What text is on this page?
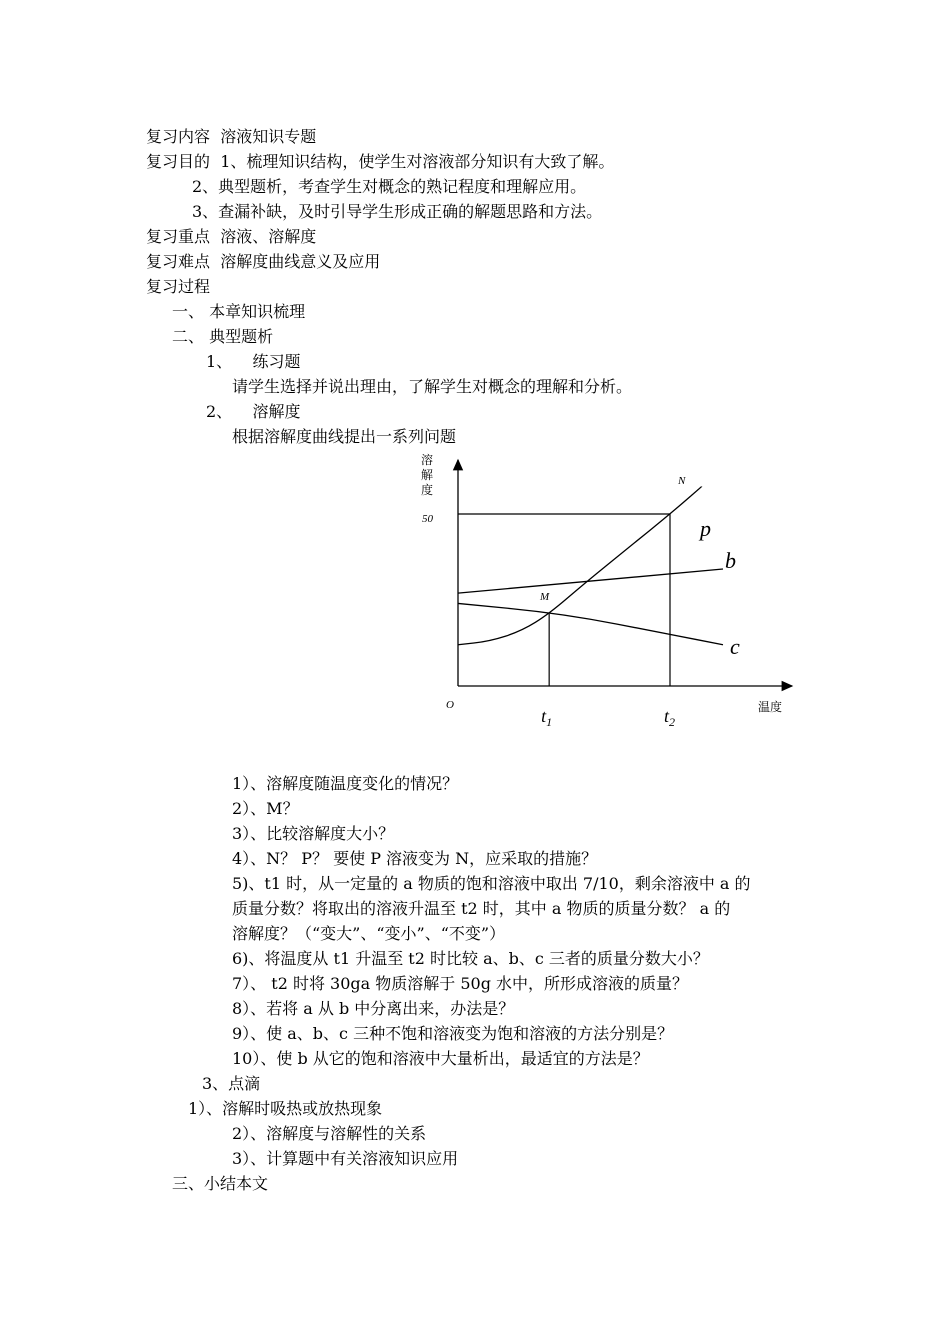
复习内容 溶液知识专题
复习目的 1、梳理知识结构，使学生对溶液部分知识有大致了解。
2、典型题析，考查学生对概念的熟记程度和理解应用。
3、查漏补缺，及时引导学生形成正确的解题思路和方法。
复习重点 溶液、溶解度
复习难点 溶解度曲线意义及应用
复习过程
一、 本章知识梳理
二、 典型题析
1、 练习题
请学生选择并说出理由，了解学生对概念的理解和分析。
2、 溶解度
根据溶解度曲线提出一系列问题
溶
解
度
温度
O
50
$t_1$	$t_2$
N
M
p
b
c
1）、溶解度随温度变化的情况？
2）、M？
3）、比较溶解度大小？
4）、N？ P？ 要使 P 溶液变为 N，应采取的措施？
5)、t1 时，从一定量的 a 物质的饱和溶液中取出 7/10，剩余溶液中 a 的
质量分数？将取出的溶液升温至 t2 时，其中 a 物质的质量分数？ a 的
溶解度？（“变大”、“变小”、“不变”）
6)、将温度从 t1 升温至 t2 时比较 a、b、c 三者的质量分数大小？
7）、 t2 时将 30ga 物质溶解于 50g 水中，所形成溶液的质量？
8）、若将 a 从 b 中分离出来，办法是？
9）、使 a、b、c 三种不饱和溶液变为饱和溶液的方法分别是？
10）、使 b 从它的饱和溶液中大量析出，最适宜的方法是？
3、点滴
1）、溶解时吸热或放热现象
2）、溶解度与溶解性的关系
3）、计算题中有关溶液知识应用
三、小结本文
